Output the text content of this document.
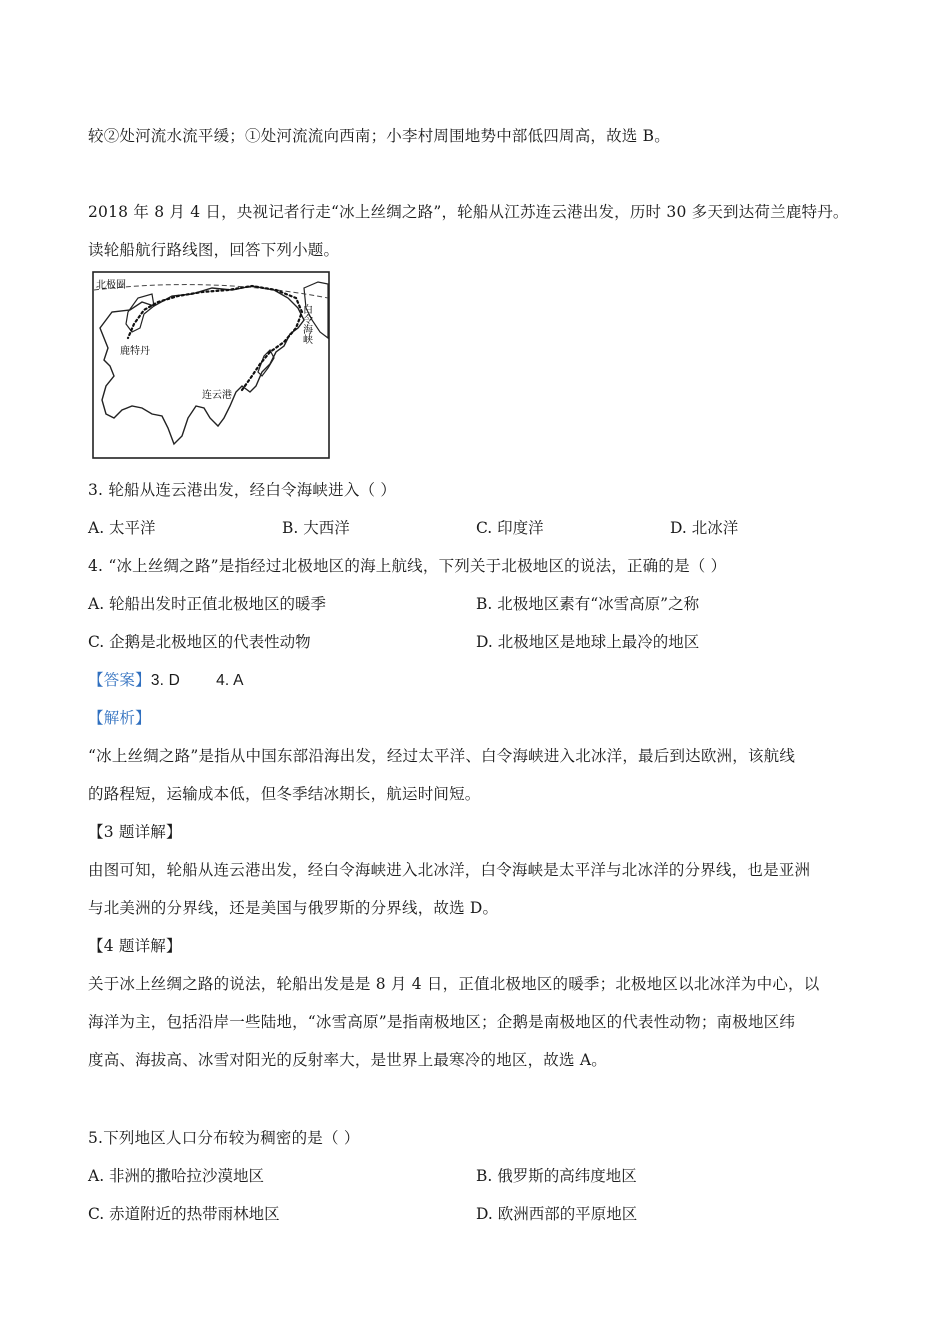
较②处河流水流平缓；①处河流流向西南；小李村周围地势中部低四周高，故选 B。
2018 年 8 月 4 日，央视记者行走“冰上丝绸之路”，轮船从江苏连云港出发，历时 30 多天到达荷兰鹿特丹。
读轮船航行路线图，回答下列小题。
北极圈
鹿特丹
连云港
白令海峡
3. 轮船从连云港出发，经白令海峡进入（ ）
A. 太平洋	B. 大西洋	C. 印度洋	D. 北冰洋
4. “冰上丝绸之路”是指经过北极地区的海上航线，下列关于北极地区的说法，正确的是（ ）
A. 轮船出发时正值北极地区的暖季	B. 北极地区素有“冰雪高原”之称
C. 企鹅是北极地区的代表性动物	D. 北极地区是地球上最冷的地区
【答案】3. D        4. A
【解析】
“冰上丝绸之路”是指从中国东部沿海出发，经过太平洋、白令海峡进入北冰洋，最后到达欧洲，该航线
的路程短，运输成本低，但冬季结冰期长，航运时间短。
【3 题详解】
由图可知，轮船从连云港出发，经白令海峡进入北冰洋，白令海峡是太平洋与北冰洋的分界线，也是亚洲
与北美洲的分界线，还是美国与俄罗斯的分界线，故选 D。
【4 题详解】
关于冰上丝绸之路的说法，轮船出发是是 8 月 4 日，正值北极地区的暖季；北极地区以北冰洋为中心，以
海洋为主，包括沿岸一些陆地，“冰雪高原”是指南极地区；企鹅是南极地区的代表性动物；南极地区纬
度高、海拔高、冰雪对阳光的反射率大，是世界上最寒冷的地区，故选 A。
5.下列地区人口分布较为稠密的是（ ）
A. 非洲的撒哈拉沙漠地区	B. 俄罗斯的高纬度地区
C. 赤道附近的热带雨林地区	D. 欧洲西部的平原地区
